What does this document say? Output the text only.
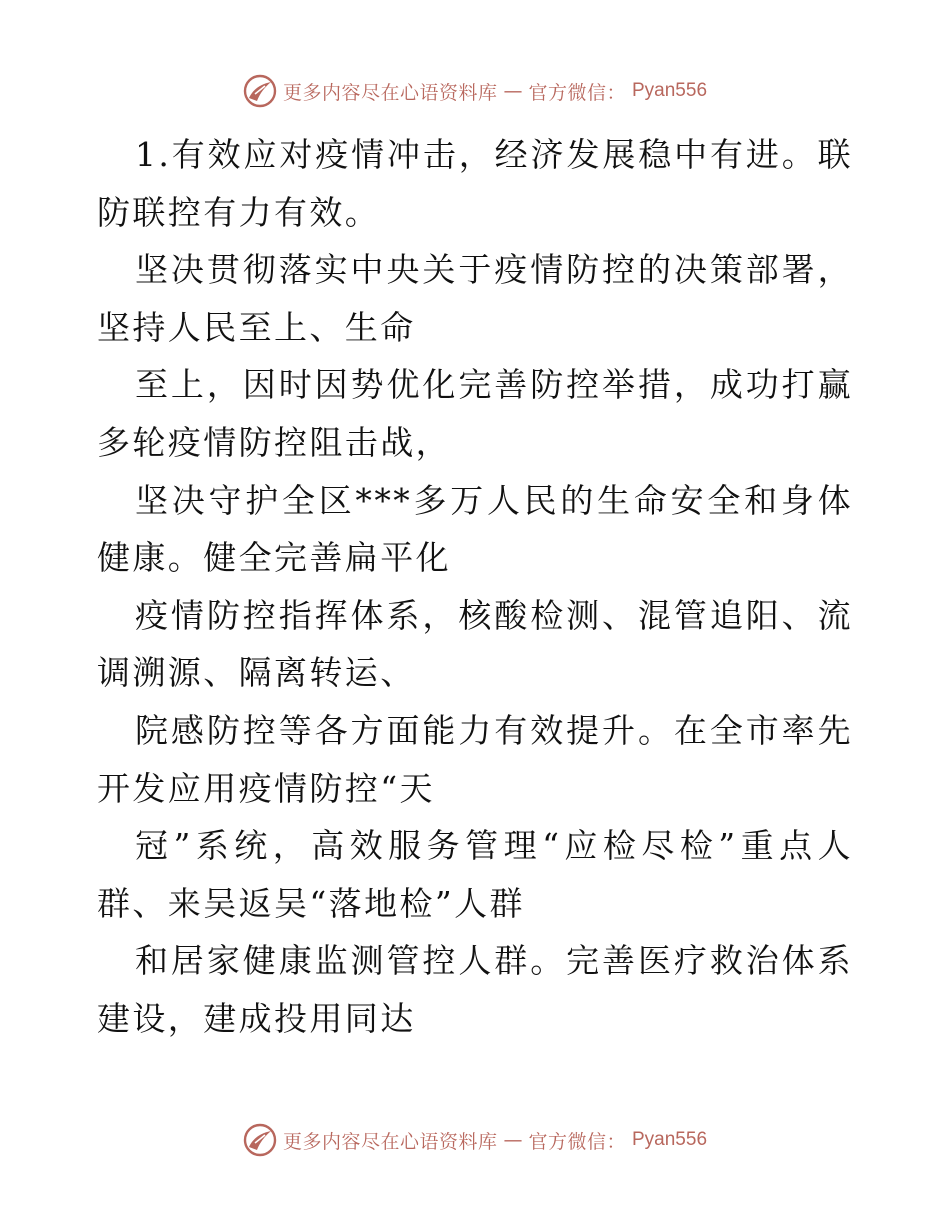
更多内容尽在心语资料库 — 官方微信： Pyan556

1.有效应对疫情冲击，经济发展稳中有进。联防联控有力有效。

坚决贯彻落实中央关于疫情防控的决策部署，坚持人民至上、生命

至上，因时因势优化完善防控举措，成功打赢多轮疫情防控阻击战，

坚决守护全区***多万人民的生命安全和身体健康。健全完善扁平化

疫情防控指挥体系，核酸检测、混管追阳、流调溯源、隔离转运、

院感防控等各方面能力有效提升。在全市率先开发应用疫情防控“天

冠”系统，高效服务管理“应检尽检”重点人群、来吴返吴“落地检”人群

和居家健康监测管控人群。完善医疗救治体系建设，建成投用同达

更多内容尽在心语资料库 — 官方微信： Pyan556
